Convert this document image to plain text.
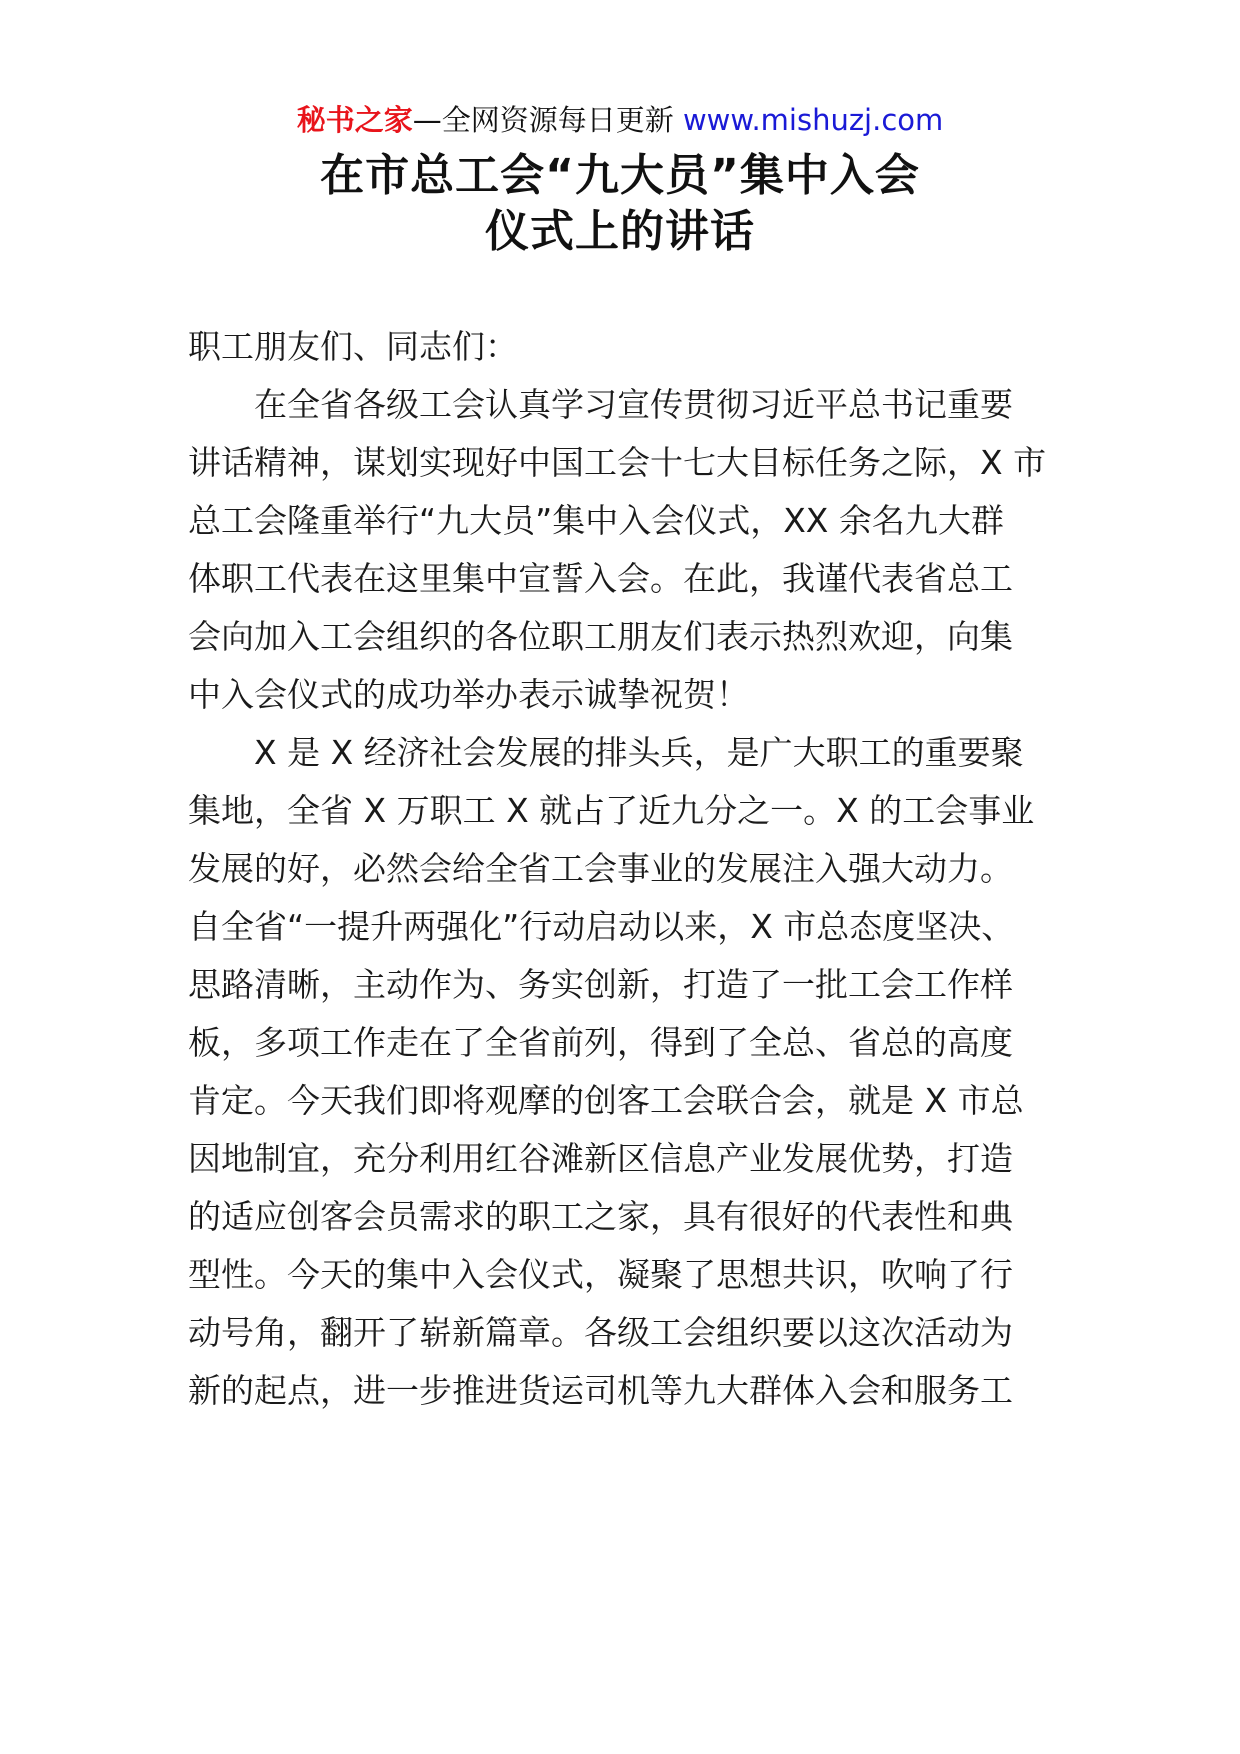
秘书之家—全网资源每日更新 www.mishuzj.com
在市总工会“九大员”集中入会
仪式上的讲话
职工朋友们、同志们：
　　在全省各级工会认真学习宣传贯彻习近平总书记重要
讲话精神，谋划实现好中国工会十七大目标任务之际，X 市
总工会隆重举行“九大员”集中入会仪式，XX 余名九大群
体职工代表在这里集中宣誓入会。在此，我谨代表省总工
会向加入工会组织的各位职工朋友们表示热烈欢迎，向集
中入会仪式的成功举办表示诚挚祝贺！
　　X 是 X 经济社会发展的排头兵，是广大职工的重要聚
集地，全省 X 万职工 X 就占了近九分之一。X 的工会事业
发展的好，必然会给全省工会事业的发展注入强大动力。
自全省“一提升两强化”行动启动以来，X 市总态度坚决、
思路清晰，主动作为、务实创新，打造了一批工会工作样
板，多项工作走在了全省前列，得到了全总、省总的高度
肯定。今天我们即将观摩的创客工会联合会，就是 X 市总
因地制宜，充分利用红谷滩新区信息产业发展优势，打造
的适应创客会员需求的职工之家，具有很好的代表性和典
型性。今天的集中入会仪式，凝聚了思想共识，吹响了行
动号角，翻开了崭新篇章。各级工会组织要以这次活动为
新的起点，进一步推进货运司机等九大群体入会和服务工
